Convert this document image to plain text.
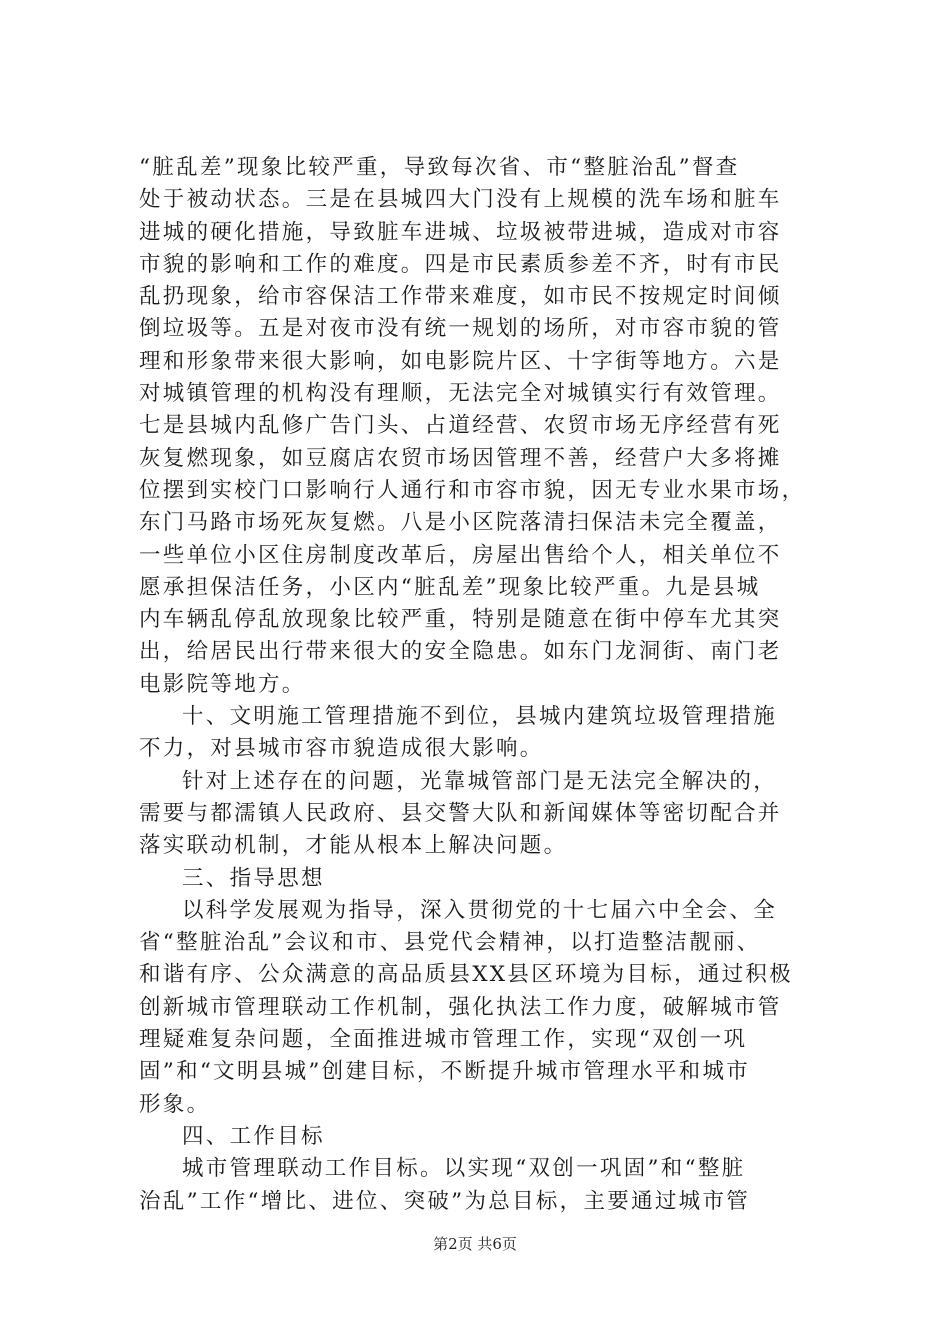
“脏乱差”现象比较严重，导致每次省、市“整脏治乱”督查
处于被动状态。三是在县城四大门没有上规模的洗车场和脏车
进城的硬化措施，导致脏车进城、垃圾被带进城，造成对市容
市貌的影响和工作的难度。四是市民素质参差不齐，时有市民
乱扔现象，给市容保洁工作带来难度，如市民不按规定时间倾
倒垃圾等。五是对夜市没有统一规划的场所，对市容市貌的管
理和形象带来很大影响，如电影院片区、十字街等地方。六是
对城镇管理的机构没有理顺，无法完全对城镇实行有效管理。
七是县城内乱修广告门头、占道经营、农贸市场无序经营有死
灰复燃现象，如豆腐店农贸市场因管理不善，经营户大多将摊
位摆到实校门口影响行人通行和市容市貌，因无专业水果市场，
东门马路市场死灰复燃。八是小区院落清扫保洁未完全覆盖，
一些单位小区住房制度改革后，房屋出售给个人，相关单位不
愿承担保洁任务，小区内“脏乱差”现象比较严重。九是县城
内车辆乱停乱放现象比较严重，特别是随意在街中停车尤其突
出，给居民出行带来很大的安全隐患。如东门龙洞街、南门老
电影院等地方。
十、文明施工管理措施不到位，县城内建筑垃圾管理措施
不力，对县城市容市貌造成很大影响。
针对上述存在的问题，光靠城管部门是无法完全解决的，
需要与都濡镇人民政府、县交警大队和新闻媒体等密切配合并
落实联动机制，才能从根本上解决问题。
三、指导思想
以科学发展观为指导，深入贯彻党的十七届六中全会、全
省“整脏治乱”会议和市、县党代会精神，以打造整洁靓丽、
和谐有序、公众满意的高品质县XX县区环境为目标，通过积极
创新城市管理联动工作机制，强化执法工作力度，破解城市管
理疑难复杂问题，全面推进城市管理工作，实现“双创一巩
固”和“文明县城”创建目标，不断提升城市管理水平和城市
形象。
四、工作目标
城市管理联动工作目标。以实现“双创一巩固”和“整脏
治乱”工作“增比、进位、突破”为总目标，主要通过城市管
第2页 共6页
